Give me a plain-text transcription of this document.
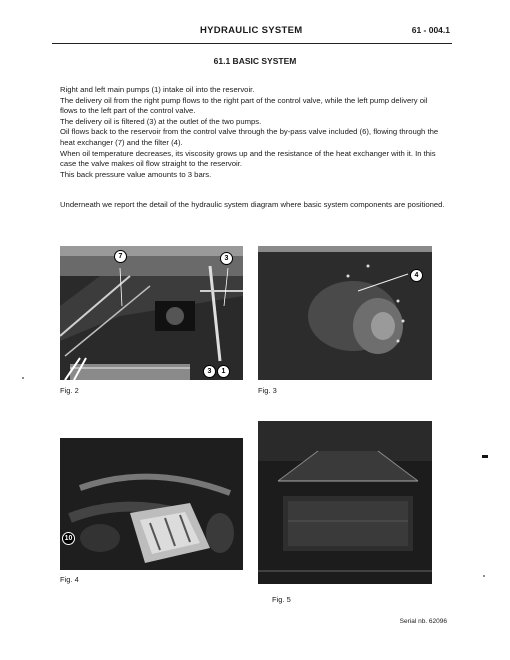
HYDRAULIC SYSTEM	61 - 004.1
61.1 BASIC SYSTEM

Right and left main pumps (1) intake oil into the reservoir.

The delivery oil from the right pump flows to the right part of the control valve, while the left pump delivery oil flows to the left part of the control valve.

The delivery oil is filtered (3) at the outlet of the two pumps.

Oil flows back to the reservoir from the control valve through the by-pass valve included (6), flowing through the heat exchanger (7) and the filter (4).

When oil temperature decreases, its viscosity grows up and the resistance of the heat exchanger with it. In this case the valve makes oil flow straight to the reservoir.

This back pressure value amounts to 3 bars.

Underneath we report the detail of the hydraulic system diagram where basic system components are positioned.

7	3
3	1
Fig. 2
4
Fig. 3
10
Fig. 4
Fig. 5
Serial nb. 62096
